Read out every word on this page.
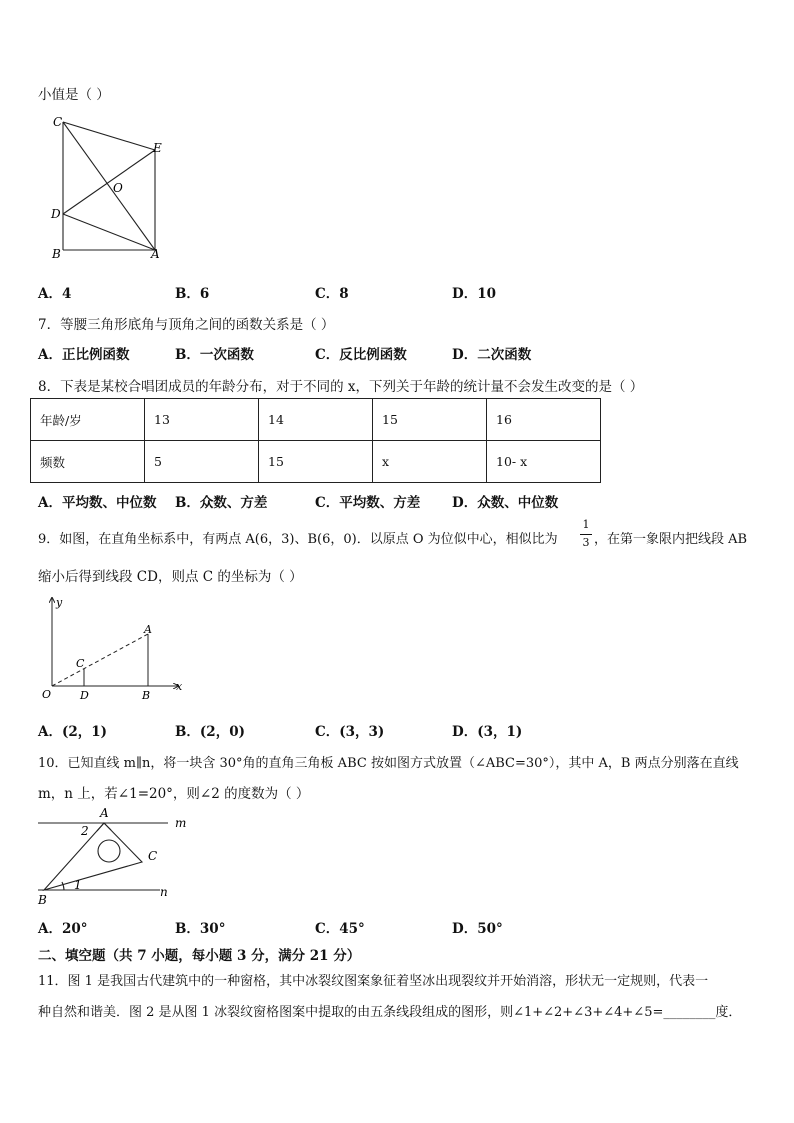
小值是（ ）
C
E
O
D
B	A
A．4	B．6	C．8	D．10
7．等腰三角形底角与顶角之间的函数关系是（ ）
A．正比例函数	B．一次函数	C．反比例函数	D．二次函数
8．下表是某校合唱团成员的年龄分布，对于不同的 x，下列关于年龄的统计量不会发生改变的是（ ）
年龄/岁	13	14	15	16
频数	5	15	x	10- x
A．平均数、中位数 B．众数、方差	C．平均数、方差 D．众数、中位数
9．如图，在直角坐标系中，有两点 A(6，3)、B(6，0)．以原点 O 为位似中心，相似比为
1
3 ，在第一象限内把线段 AB
缩小后得到线段 CD，则点 C 的坐标为（ ）
y
x
A
C
O	D	B
A．(2，1)	B．(2，0)	C．(3，3)	D．(3，1)
10．已知直线 m∥n，将一块含 30°角的直角三角板 ABC 按如图方式放置（∠ABC=30°），其中 A，B 两点分别落在直线
m，n 上，若∠1=20°，则∠2 的度数为（ ）
A
m
2
C
B
1	n
A．20°	B．30°	C．45°	D．50°
二、填空题（共 7 小题，每小题 3 分，满分 21 分）
11．图 1 是我国古代建筑中的一种窗格，其中冰裂纹图案象征着坚冰出现裂纹并开始消溶，形状无一定规则，代表一
种自然和谐美．图 2 是从图 1 冰裂纹窗格图案中提取的由五条线段组成的图形，则∠1+∠2+∠3+∠4+∠5=________度．
